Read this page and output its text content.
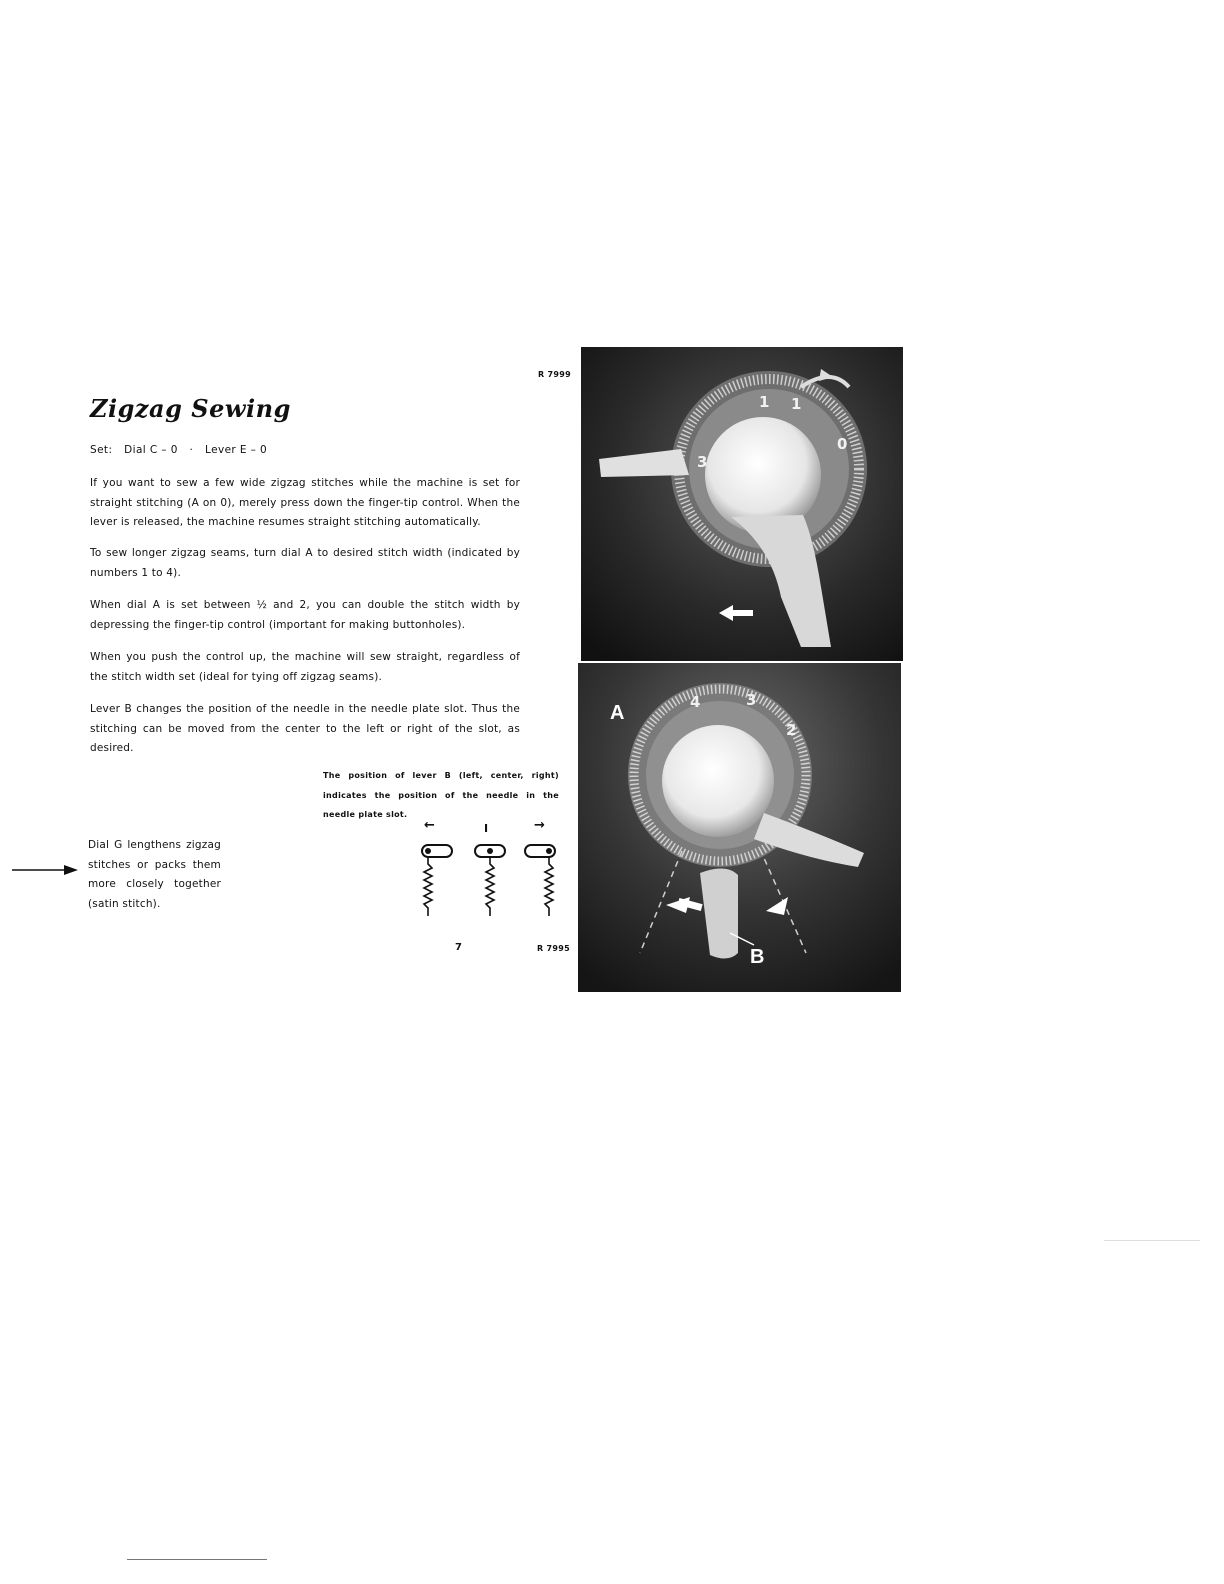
Zigzag Sewing
Set: Dial C – 0 · Lever E – 0
If you want to sew a few wide zigzag stitches while the machine is set for straight stitching (A on 0), merely press down the finger-tip control. When the lever is released, the machine resumes straight stitching automatically.
To sew longer zigzag seams, turn dial A to desired stitch width (indicated by numbers 1 to 4).
When dial A is set between ½ and 2, you can double the stitch width by depressing the finger-tip control (important for making buttonholes).
When you push the control up, the machine will sew straight, regardless of the stitch width set (ideal for tying off zigzag seams).
Lever B changes the position of the needle in the needle plate slot. Thus the stitching can be moved from the center to the left or right of the slot, as desired.
R 7999
The position of lever B (left, center, right) indicates the position of the needle in the needle plate slot.
←	I	→
Dial G lengthens zigzag stitches or packs them more closely together (satin stitch).
7	R 7995
1 1
0
3
4	3
2
A
B
